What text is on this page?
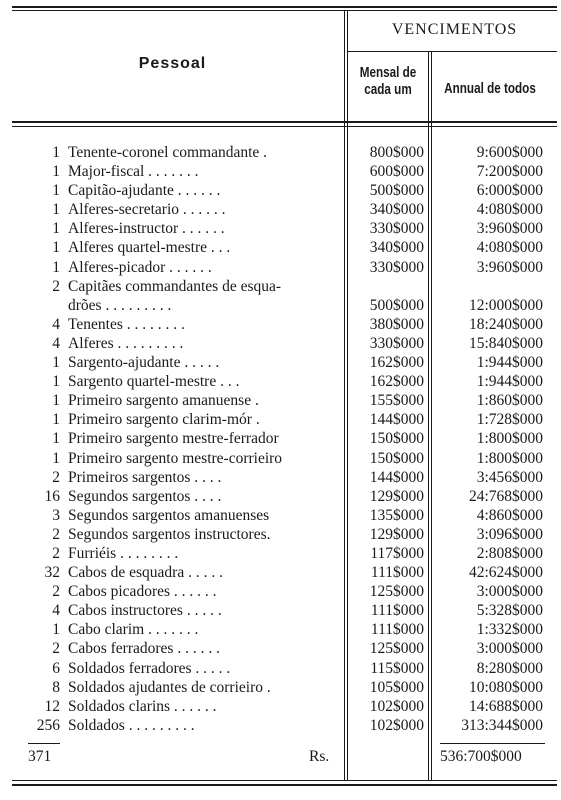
Pessoal
VENCIMENTOS
Mensal de
cada um	Annual de todos
1 Tenente-coronel commandante .	800$000	9:600$000
1 Major-fiscal . . . . . . .	600$000	7:200$000
1 Capitão-ajudante . . . . . .	500$000	6:000$000
1 Alferes-secretario . . . . . .	340$000	4:080$000
1 Alferes-instructor . . . . . .	330$000	3:960$000
1 Alferes quartel-mestre . . .	340$000	4:080$000
1 Alferes-picador . . . . . .	330$000	3:960$000
2 Capitães commandantes de esqua-
drões . . . . . . . . .	500$000	12:000$000
4 Tenentes . . . . . . . .	380$000	18:240$000
4 Alferes . . . . . . . . .	330$000	15:840$000
1 Sargento-ajudante . . . . .	162$000	1:944$000
1 Sargento quartel-mestre . . .	162$000	1:944$000
1 Primeiro sargento amanuense .	155$000	1:860$000
1 Primeiro sargento clarim-mór .	144$000	1:728$000
1 Primeiro sargento mestre-ferrador	150$000	1:800$000
1 Primeiro sargento mestre-corrieiro	150$000	1:800$000
2 Primeiros sargentos . . . .	144$000	3:456$000
16 Segundos sargentos . . . .	129$000	24:768$000
3 Segundos sargentos amanuenses	135$000	4:860$000
2 Segundos sargentos instructores.	129$000	3:096$000
2 Furriéis . . . . . . . .	117$000	2:808$000
32 Cabos de esquadra . . . . .	111$000	42:624$000
2 Cabos picadores . . . . . .	125$000	3:000$000
4 Cabos instructores . . . . .	111$000	5:328$000
1 Cabo clarim . . . . . . .	111$000	1:332$000
2 Cabos ferradores . . . . . .	125$000	3:000$000
6 Soldados ferradores . . . . .	115$000	8:280$000
8 Soldados ajudantes de corrieiro .	105$000	10:080$000
12 Soldados clarins . . . . . .	102$000	14:688$000
256 Soldados . . . . . . . . .	102$000	313:344$000
371	Rs.	536:700$000
